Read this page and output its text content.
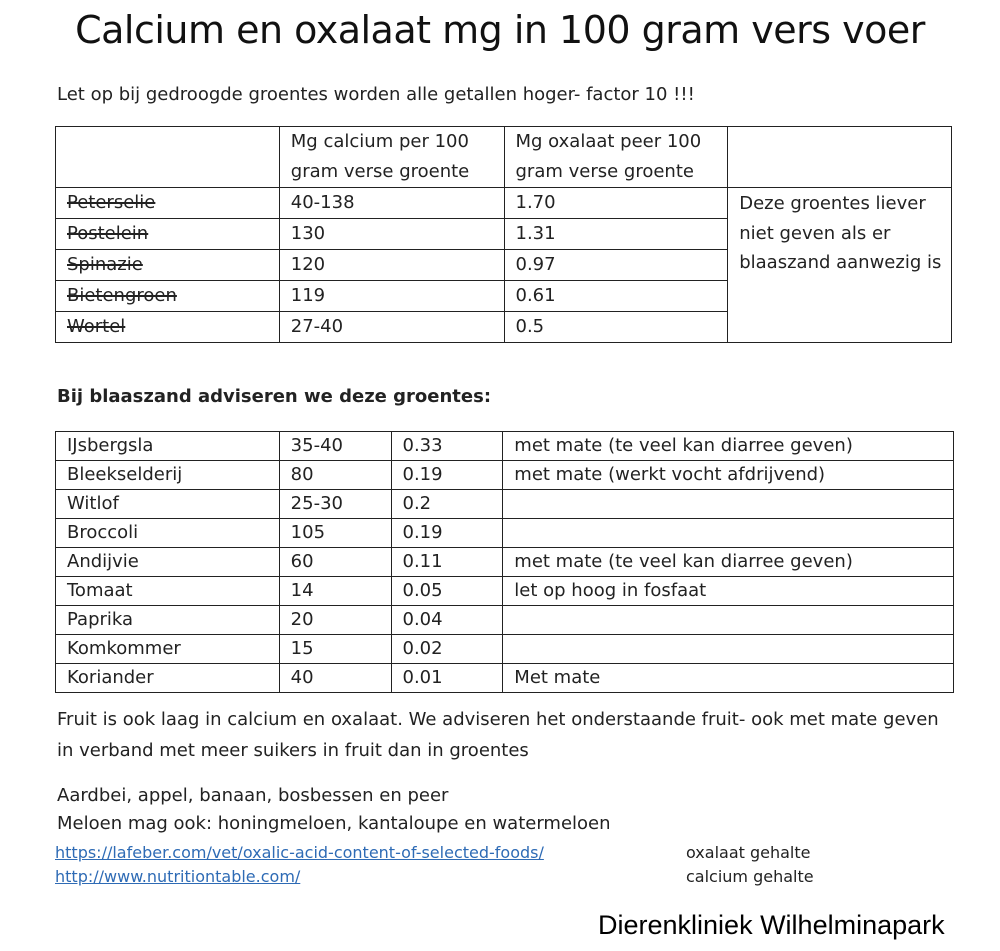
Calcium en oxalaat mg in 100 gram vers voer
Let op bij gedroogde groentes worden alle getallen hoger- factor 10 !!!
	Mg calcium per 100 gram verse groente	Mg oxalaat peer 100 gram verse groente	
Peterselie	40-138	1.70	Deze groentes liever niet geven als er blaaszand aanwezig is
Postelein	130	1.31	
Spinazie	120	0.97	
Bietengroen	119	0.61	
Wortel	27-40	0.5	
Bij blaaszand adviseren we deze groentes:
IJsbergsla	35-40	0.33	met mate (te veel kan diarree geven)
Bleekselderij	80	0.19	met mate (werkt vocht afdrijvend)
Witlof	25-30	0.2	
Broccoli	105	0.19	
Andijvie	60	0.11	met mate (te veel kan diarree geven)
Tomaat	14	0.05	let op hoog in fosfaat
Paprika	20	0.04	
Komkommer	15	0.02	
Koriander	40	0.01	Met mate
Fruit is ook laag in calcium en oxalaat. We adviseren het onderstaande fruit- ook met mate geven in verband met meer suikers in fruit dan in groentes
Aardbei, appel, banaan, bosbessen en peer
Meloen mag ook: honingmeloen, kantaloupe en watermeloen
https://lafeber.com/vet/oxalic-acid-content-of-selected-foods/	oxalaat gehalte
http://www.nutritiontable.com/	calcium gehalte
Dierenkliniek Wilhelminapark
